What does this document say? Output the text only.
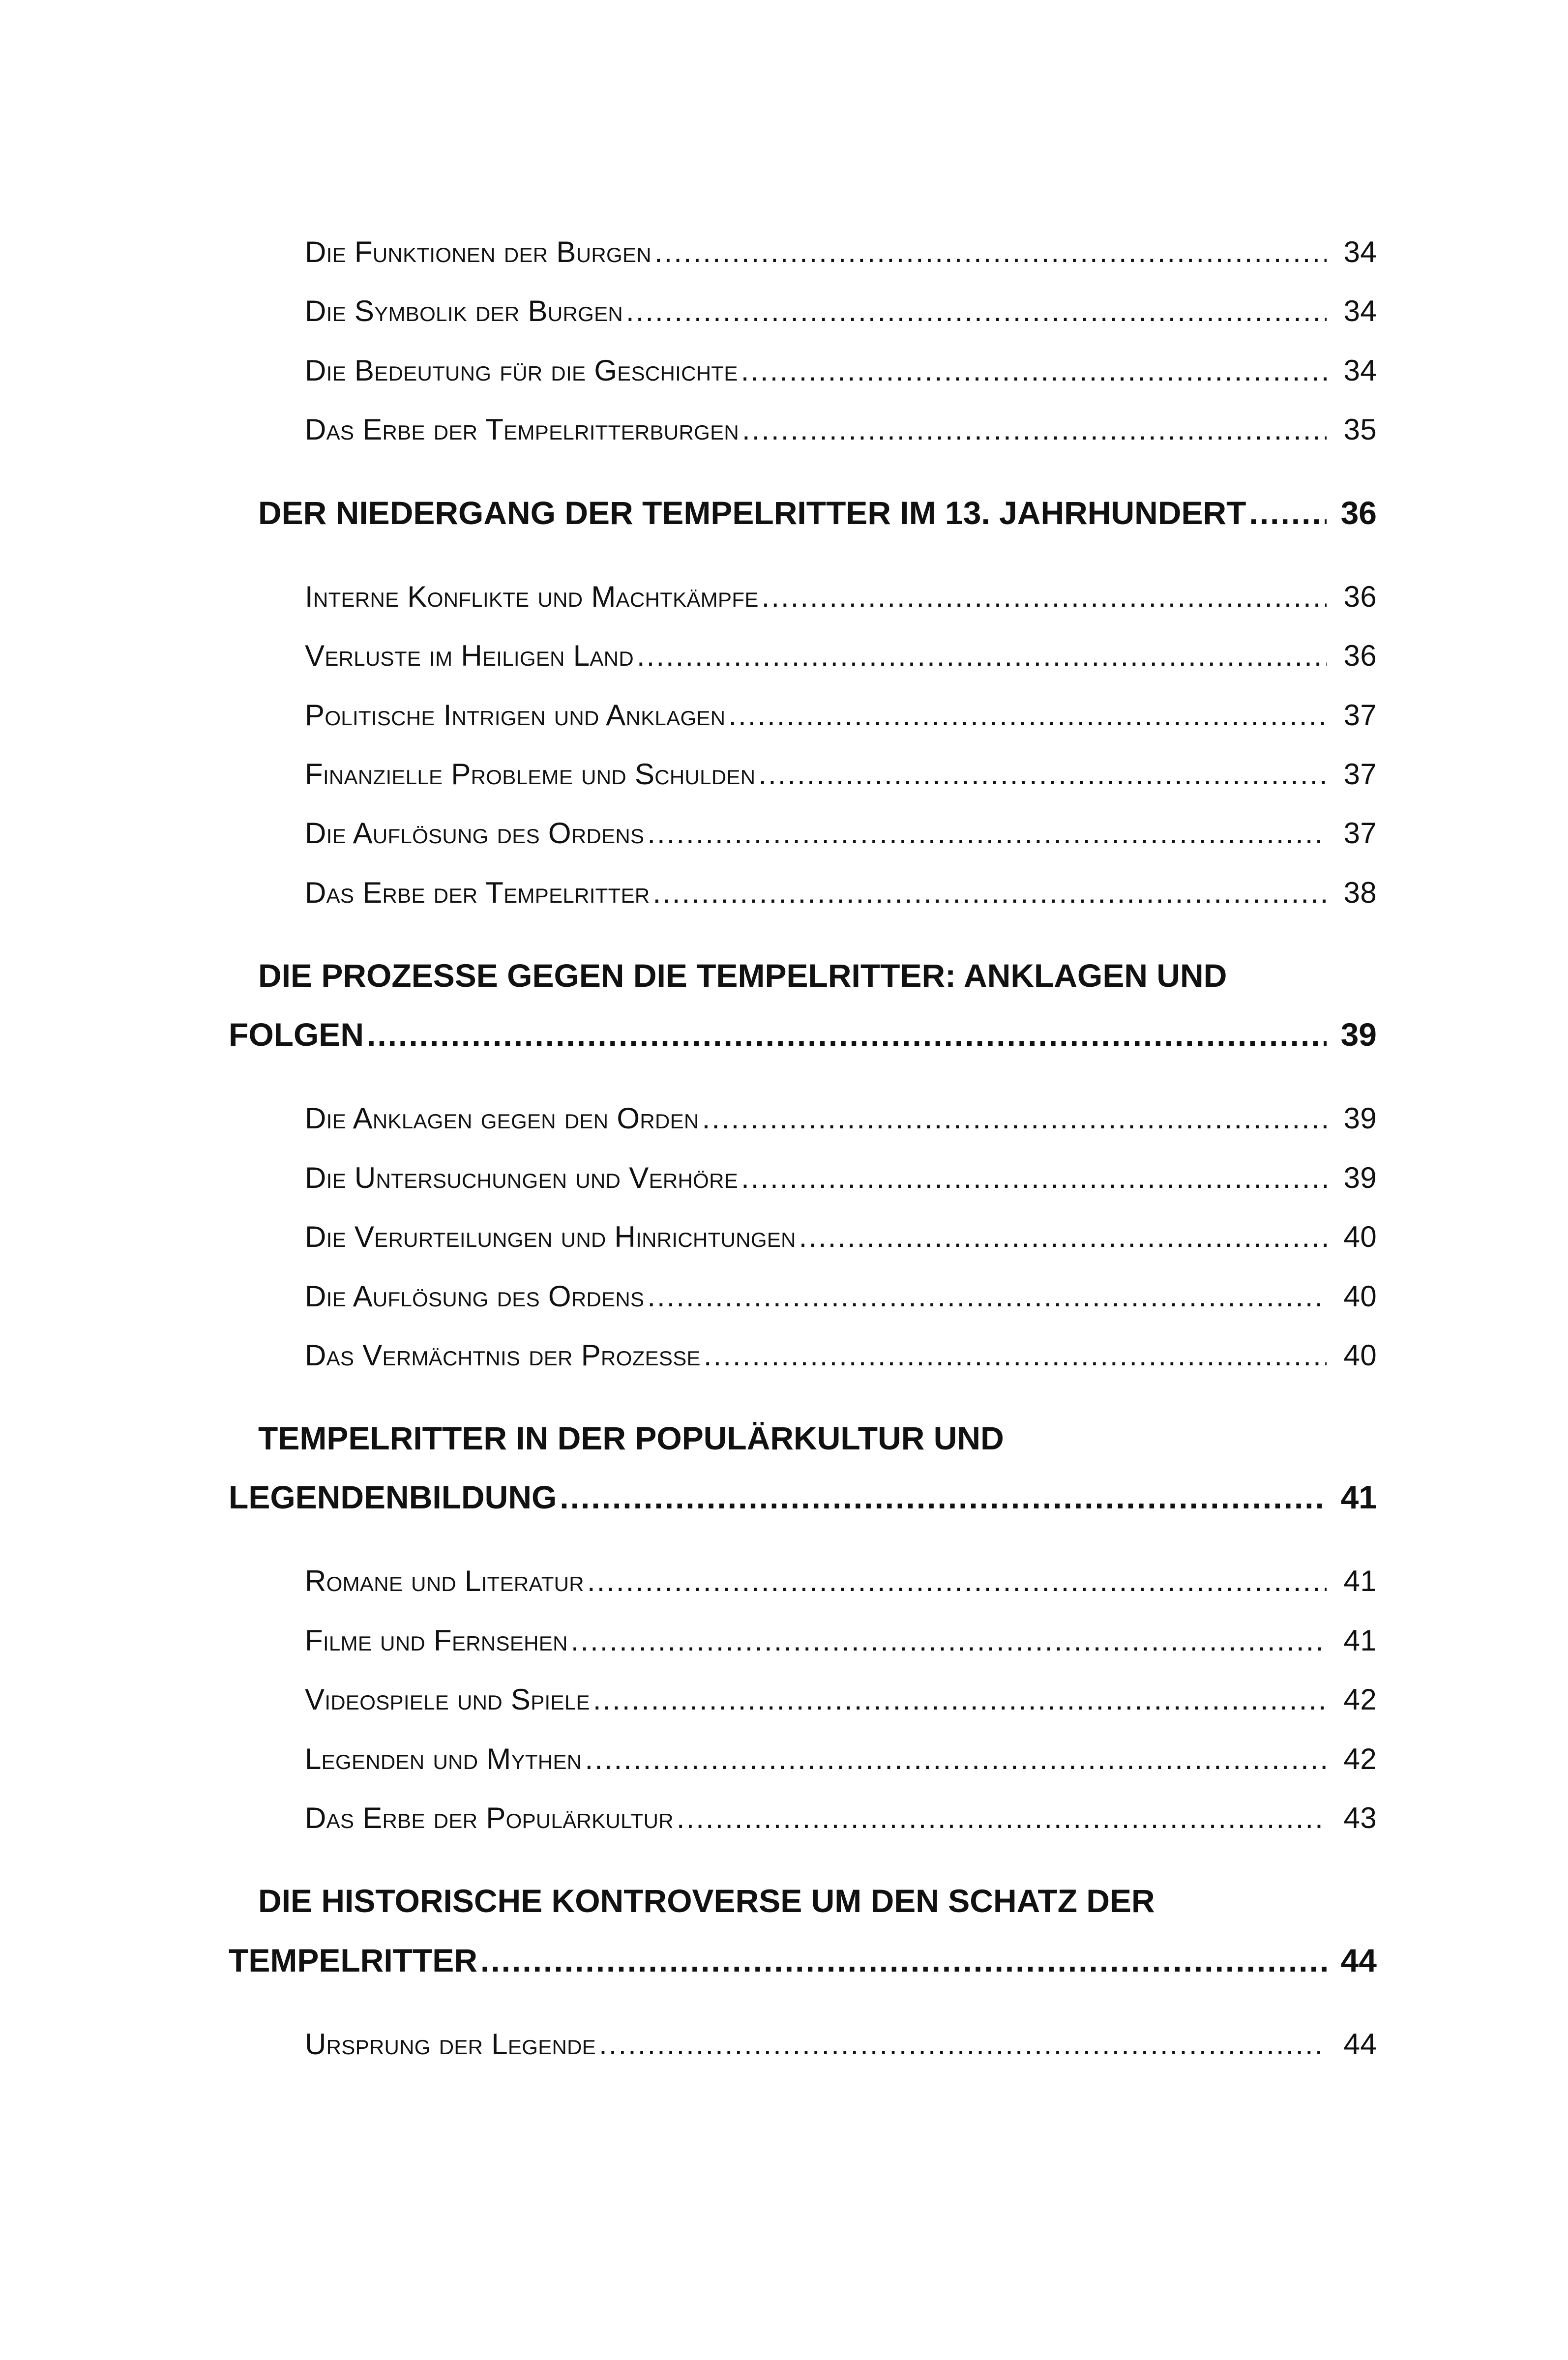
Die Funktionen der Burgen .....	34
Die Symbolik der Burgen .....	34
Die Bedeutung für die Geschichte .....	34
Das Erbe der Tempelritterburgen .....	35
DER NIEDERGANG DER TEMPELRITTER IM 13. JAHRHUNDERT .....	36
Interne Konflikte und Machtkämpfe .....	36
Verluste im Heiligen Land .....	36
Politische Intrigen und Anklagen .....	37
Finanzielle Probleme und Schulden .....	37
Die Auflösung des Ordens .....	37
Das Erbe der Tempelritter .....	38
DIE PROZESSE GEGEN DIE TEMPELRITTER: ANKLAGEN UND
FOLGEN .....	39
Die Anklagen gegen den Orden .....	39
Die Untersuchungen und Verhöre .....	39
Die Verurteilungen und Hinrichtungen .....	40
Die Auflösung des Ordens .....	40
Das Vermächtnis der Prozesse .....	40
TEMPELRITTER IN DER POPULÄRKULTUR UND
LEGENDENBILDUNG .....	41
Romane und Literatur .....	41
Filme und Fernsehen .....	41
Videospiele und Spiele .....	42
Legenden und Mythen .....	42
Das Erbe der Populärkultur .....	43
DIE HISTORISCHE KONTROVERSE UM DEN SCHATZ DER
TEMPELRITTER .....	44
Ursprung der Legende .....	44
